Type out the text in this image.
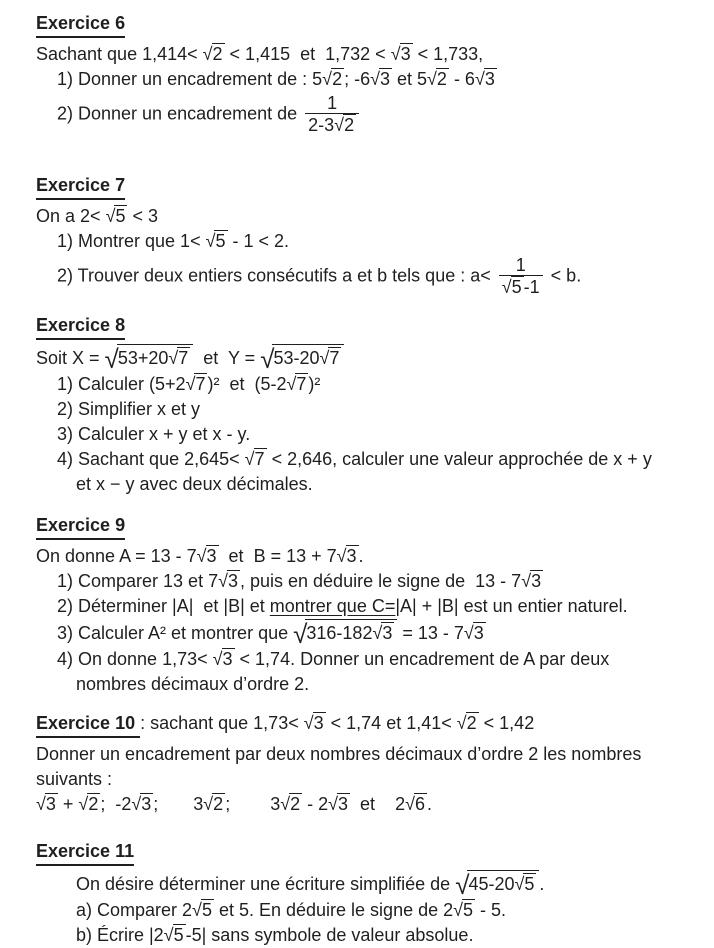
Exercice 6
Sachant que 1,414< √2 < 1,415  et  1,732 < √3 < 1,733,
1) Donner un encadrement de : 5√2 ; -6√3 et 5√2 - 6√3
2) Donner un encadrement de $\frac{1}{2-3√2}$
Exercice 7
On a 2< √5 < 3
1) Montrer que 1< √5 - 1 < 2.
2) Trouver deux entiers consécutifs a et b tels que : $a< \frac{1}{√5 -1} < b$.
Exercice 8
Soit X = √53+20√7  et  Y = √53-20√7
1) Calculer (5+2√7 )²  et  (5-2√7 )²
2) Simplifier x et y
3) Calculer x + y et x - y.
4) Sachant que 2,645< √7 < 2,646, calculer une valeur approchée de x + y
et x − y avec deux décimales.
Exercice 9
On donne A = 13 - 7√3  et  B = 13 + 7√3 .
1) Comparer 13 et 7√3 , puis en déduire le signe de  13 - 7√3
2) Déterminer |A|  et |B| et montrer que C=|A| + |B| est un entier naturel.
3) Calculer A² et montrer que √316-182√3 = 13 - 7√3
4) On donne 1,73< √3 < 1,74. Donner un encadrement de A par deux
nombres décimaux d’ordre 2.
Exercice 10 : sachant que 1,73< √3 < 1,74 et 1,41< √2 < 1,42
Donner un encadrement par deux nombres décimaux d’ordre 2 les nombres
suivants :
√3 + √2 ;  -2√3 ;       3√2 ;        3√2 - 2√3  et    2√6 .
Exercice 11
On désire déterminer une écriture simplifiée de √45-20√5 .
a) Comparer 2√5 et 5. En déduire le signe de 2√5 - 5.
b) Écrire |2√5 -5| sans symbole de valeur absolue.
